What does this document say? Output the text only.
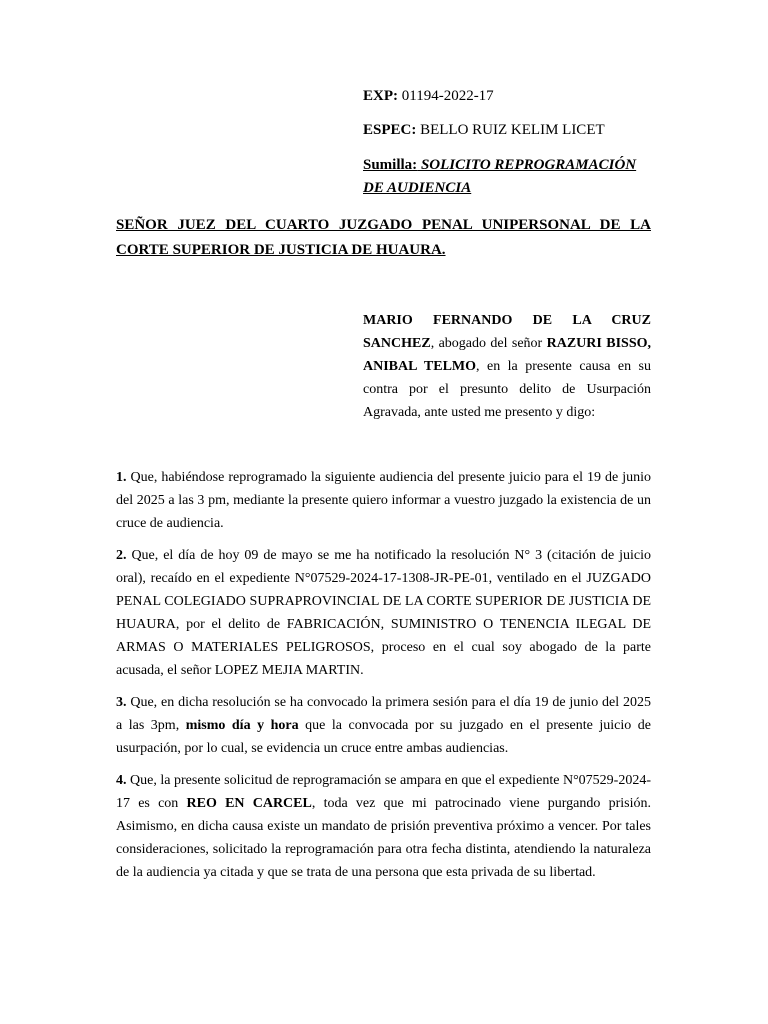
EXP: 01194-2022-17
ESPEC: BELLO RUIZ KELIM LICET
Sumilla: SOLICITO REPROGRAMACIÓN DE AUDIENCIA
SEÑOR JUEZ DEL CUARTO JUZGADO PENAL UNIPERSONAL DE LA CORTE SUPERIOR DE JUSTICIA DE HUAURA.
MARIO FERNANDO DE LA CRUZ SANCHEZ, abogado del señor RAZURI BISSO, ANIBAL TELMO, en la presente causa en su contra por el presunto delito de Usurpación Agravada, ante usted me presento y digo:

1. Que, habiéndose reprogramado la siguiente audiencia del presente juicio para el 19 de junio del 2025 a las 3 pm, mediante la presente quiero informar a vuestro juzgado la existencia de un cruce de audiencia.

2. Que, el día de hoy 09 de mayo se me ha notificado la resolución N° 3 (citación de juicio oral), recaído en el expediente N°07529-2024-17-1308-JR-PE-01, ventilado en el JUZGADO PENAL COLEGIADO SUPRAPROVINCIAL DE LA CORTE SUPERIOR DE JUSTICIA DE HUAURA, por el delito de FABRICACIÓN, SUMINISTRO O TENENCIA ILEGAL DE ARMAS O MATERIALES PELIGROSOS, proceso en el cual soy abogado de la parte acusada, el señor LOPEZ MEJIA MARTIN.

3. Que, en dicha resolución se ha convocado la primera sesión para el día 19 de junio del 2025 a las 3pm, mismo día y hora que la convocada por su juzgado en el presente juicio de usurpación, por lo cual, se evidencia un cruce entre ambas audiencias.

4. Que, la presente solicitud de reprogramación se ampara en que el expediente N°07529-2024-17 es con REO EN CARCEL, toda vez que mi patrocinado viene purgando prisión. Asimismo, en dicha causa existe un mandato de prisión preventiva próximo a vencer. Por tales consideraciones, solicitado la reprogramación para otra fecha distinta, atendiendo la naturaleza de la audiencia ya citada y que se trata de una persona que esta privada de su libertad.
